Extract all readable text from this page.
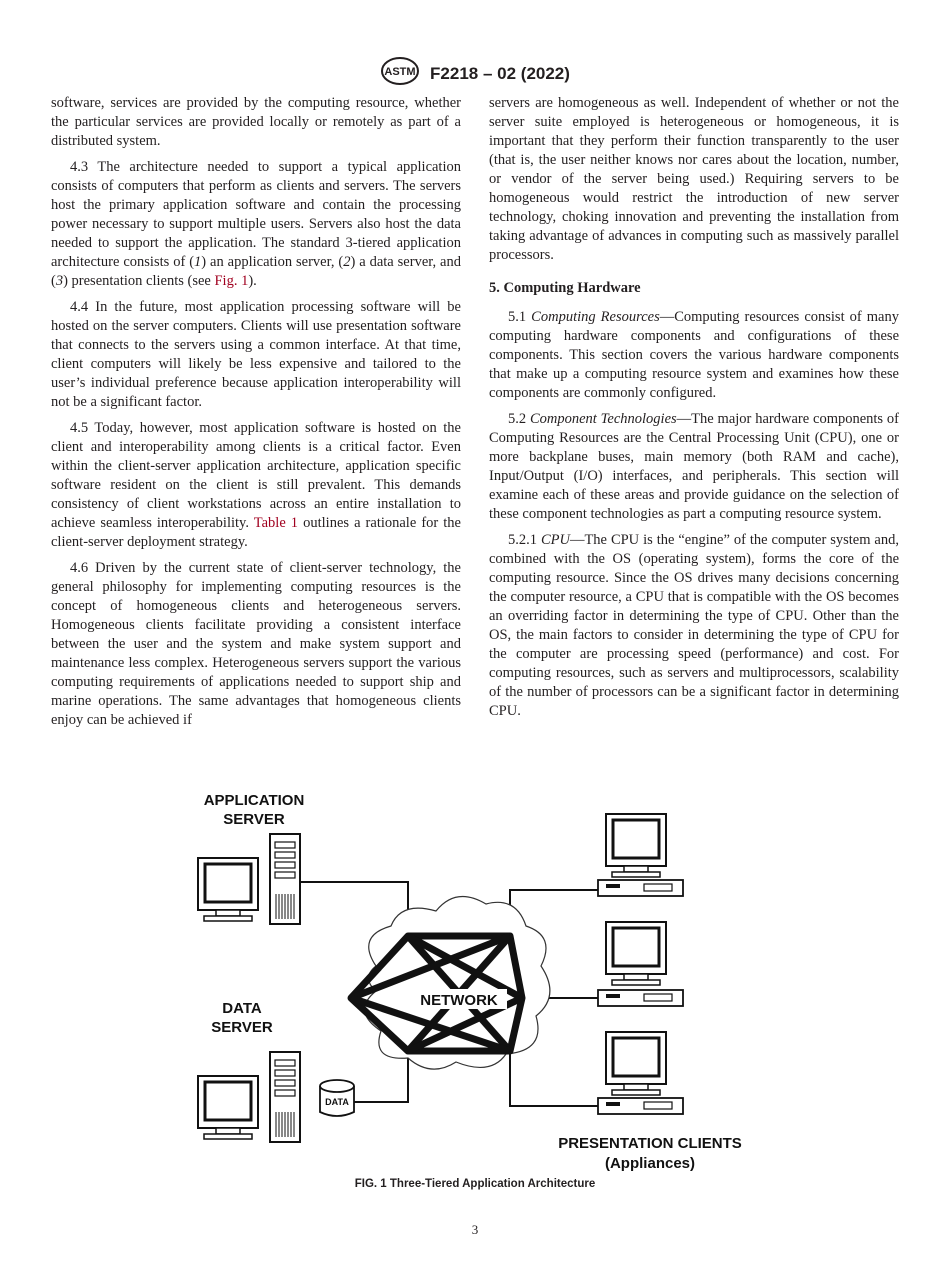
ASTM F2218 – 02 (2022)

software, services are provided by the computing resource, whether the particular services are provided locally or remotely as part of a distributed system.

4.3 The architecture needed to support a typical application consists of computers that perform as clients and servers. The servers host the primary application software and contain the processing power necessary to support multiple users. Servers also host the data needed to support the application. The standard 3-tiered application architecture consists of (1) an application server, (2) a data server, and (3) presentation clients (see Fig. 1).

4.4 In the future, most application processing software will be hosted on the server computers. Clients will use presentation software that connects to the servers using a common interface. At that time, client computers will likely be less expensive and tailored to the user’s individual preference because application interoperability will not be a significant factor.

4.5 Today, however, most application software is hosted on the client and interoperability among clients is a critical factor. Even within the client-server application architecture, application specific software resident on the client is still prevalent. This demands consistency of client workstations across an entire installation to achieve seamless interoperability. Table 1 outlines a rationale for the client-server deployment strategy.

4.6 Driven by the current state of client-server technology, the general philosophy for implementing computing resources is the concept of homogeneous clients and heterogeneous servers. Homogeneous clients facilitate providing a consistent interface between the user and the system and make system support and maintenance less complex. Heterogeneous servers support the various computing requirements of applications needed to support ship and marine operations. The same advantages that homogeneous clients enjoy can be achieved if

servers are homogeneous as well. Independent of whether or not the server suite employed is heterogeneous or homogeneous, it is important that they perform their function transparently to the user (that is, the user neither knows nor cares about the location, number, or vendor of the server being used.) Requiring servers to be homogeneous would restrict the introduction of new server technology, choking innovation and preventing the installation from taking advantage of advances in computing such as massively parallel processors.

5. Computing Hardware

5.1 Computing Resources—Computing resources consist of many computing hardware components and configurations of these components. This section covers the various hardware components that make up a computing resource system and examines how these components are commonly configured.

5.2 Component Technologies—The major hardware components of Computing Resources are the Central Processing Unit (CPU), one or more backplane buses, main memory (both RAM and cache), Input/Output (I/O) interfaces, and peripherals. This section will examine each of these areas and provide guidance on the selection of these component technologies as part a computing resource system.

5.2.1 CPU—The CPU is the “engine” of the computer system and, combined with the OS (operating system), forms the core of the computing resource. Since the OS drives many decisions concerning the computer resource, a CPU that is compatible with the OS becomes an overriding factor in determining the type of CPU. Other than the OS, the main factors to consider in determining the type of CPU for the computer are processing speed (performance) and cost. For computing resources, such as servers and multiprocessors, scalability of the number of processors can be a significant factor in determining CPU.

APPLICATION
SERVER
DATA
SERVER
DATA
NETWORK
PRESENTATION CLIENTS
(Appliances)
FIG. 1 Three-Tiered Application Architecture
3
